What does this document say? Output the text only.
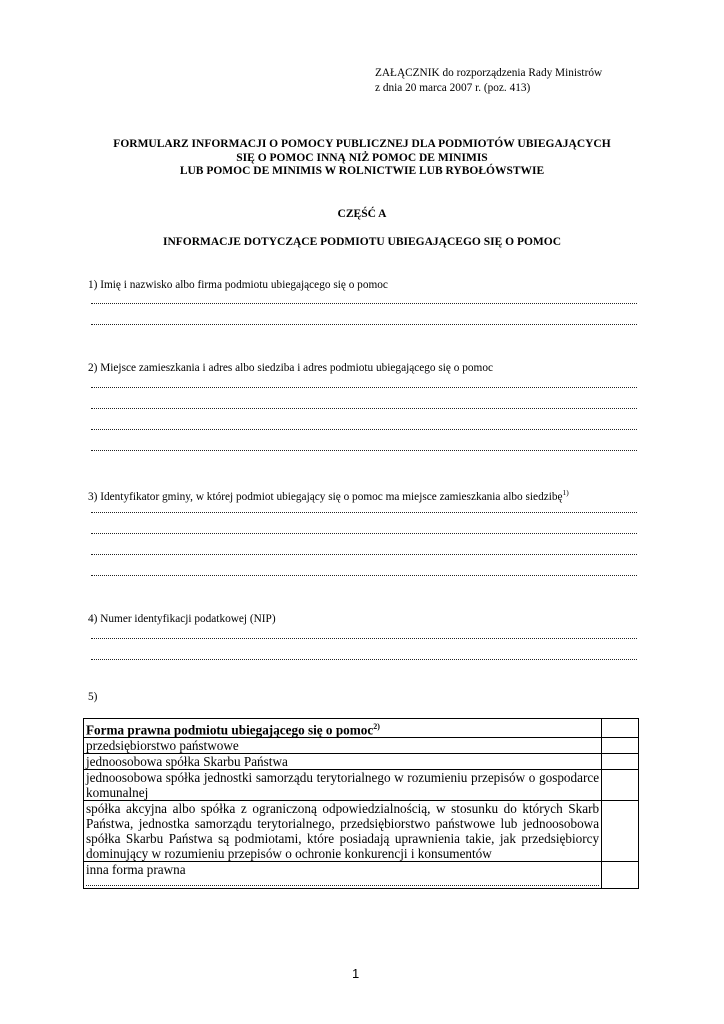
ZAŁĄCZNIK do rozporządzenia Rady Ministrów
z dnia 20 marca 2007 r. (poz. 413)
FORMULARZ INFORMACJI O POMOCY PUBLICZNEJ DLA PODMIOTÓW UBIEGAJĄCYCH
SIĘ O POMOC INNĄ NIŻ POMOC DE MINIMIS
LUB POMOC DE MINIMIS W ROLNICTWIE LUB RYBOŁÓWSTWIE
CZĘŚĆ A
INFORMACJE DOTYCZĄCE PODMIOTU UBIEGAJĄCEGO SIĘ O POMOC
1) Imię i nazwisko albo firma podmiotu ubiegającego się o pomoc
2) Miejsce zamieszkania i adres albo siedziba i adres podmiotu ubiegającego się o pomoc
3) Identyfikator gminy, w której podmiot ubiegający się o pomoc ma miejsce zamieszkania albo siedzibę$^{1)}$
4) Numer identyfikacji podatkowej (NIP)
5)
Forma prawna podmiotu ubiegającego się o pomoc$^{2)}$	
przedsiębiorstwo państwowe	
jednoosobowa spółka Skarbu Państwa	
jednoosobowa spółka jednostki samorządu terytorialnego w rozumieniu przepisów o gospodarce komunalnej	
spółka akcyjna albo spółka z ograniczoną odpowiedzialnością, w stosunku do których Skarb Państwa, jednostka samorządu terytorialnego, przedsiębiorstwo państwowe lub jednoosobowa spółka Skarbu Państwa są podmiotami, które posiadają uprawnienia takie, jak przedsiębiorcy dominujący w rozumieniu przepisów o ochronie konkurencji i konsumentów	

inna forma prawna	

1
